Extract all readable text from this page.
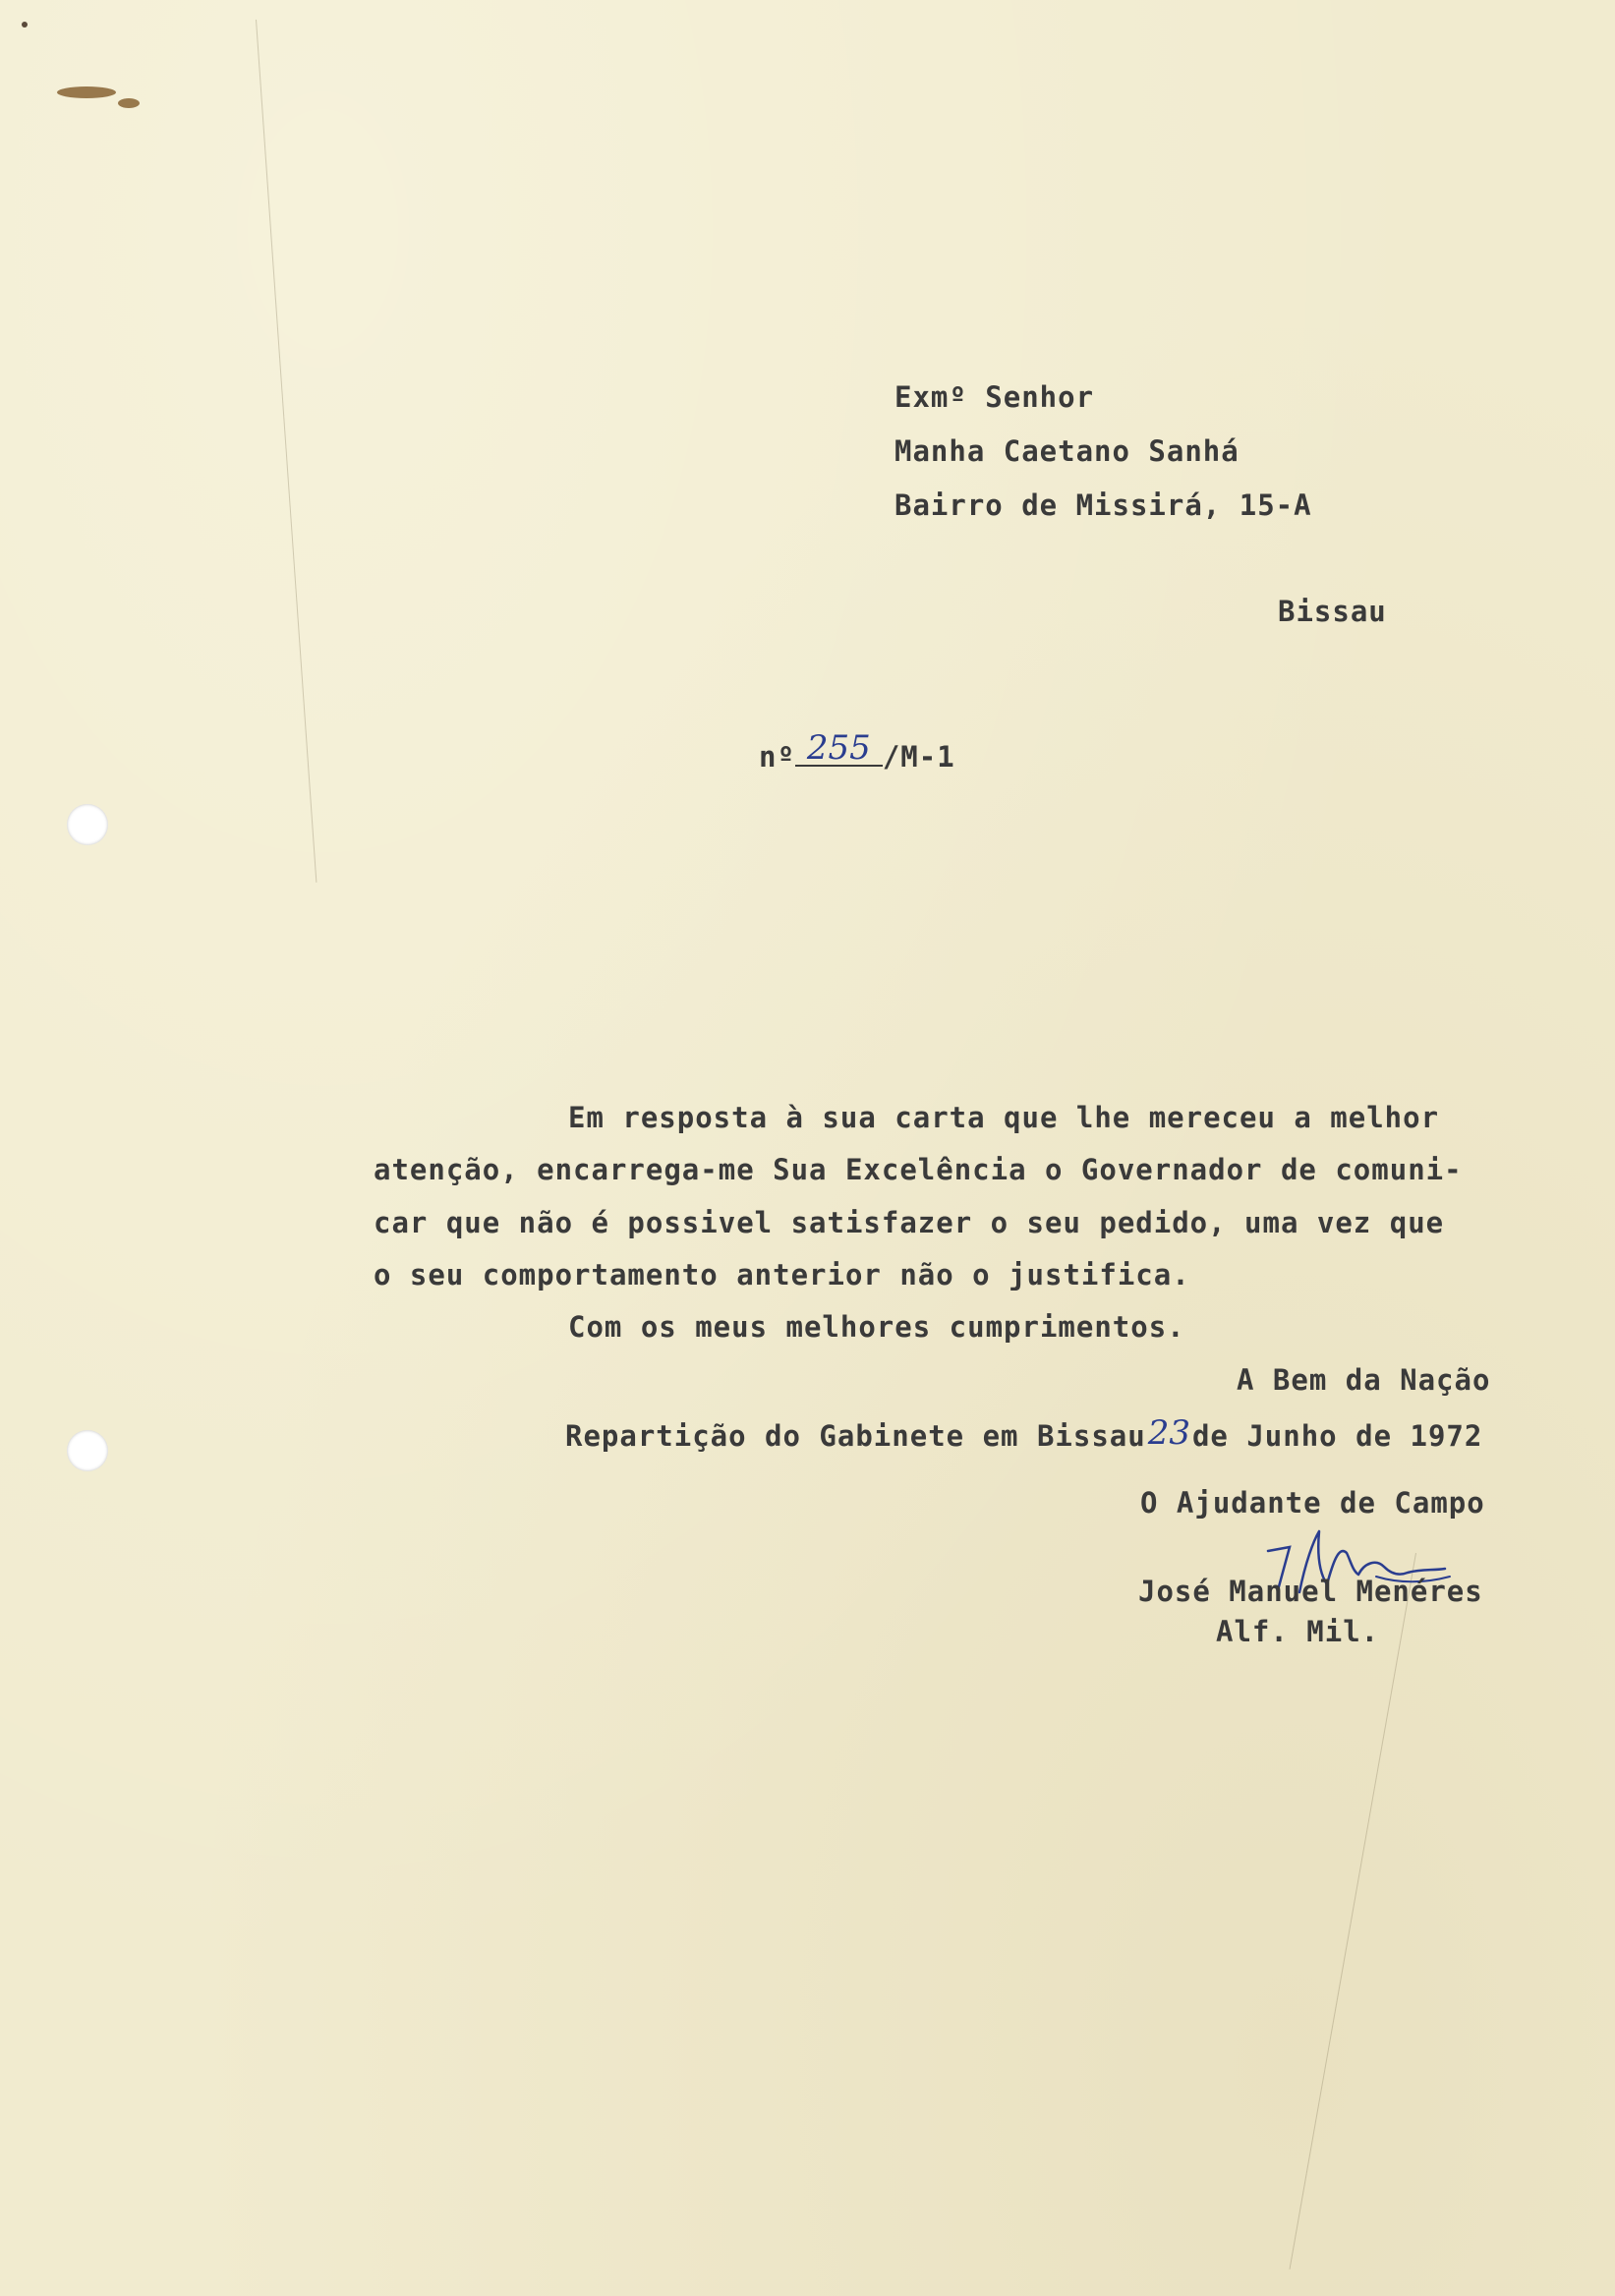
Exmº Senhor
Manha Caetano Sanhá
Bairro de Missirá, 15-A
Bissau
nº 255 /M-1
Em resposta à sua carta que lhe mereceu a melhor
atenção, encarrega-me Sua Excelência o Governador de comuni-
car que não é possivel satisfazer o seu pedido, uma vez que
o seu comportamento anterior não o justifica.
Com os meus melhores cumprimentos.
A Bem da Nação
Repartição do Gabinete em Bissau23de Junho de 1972
O Ajudante de Campo
José Manuel Menéres
Alf. Mil.
